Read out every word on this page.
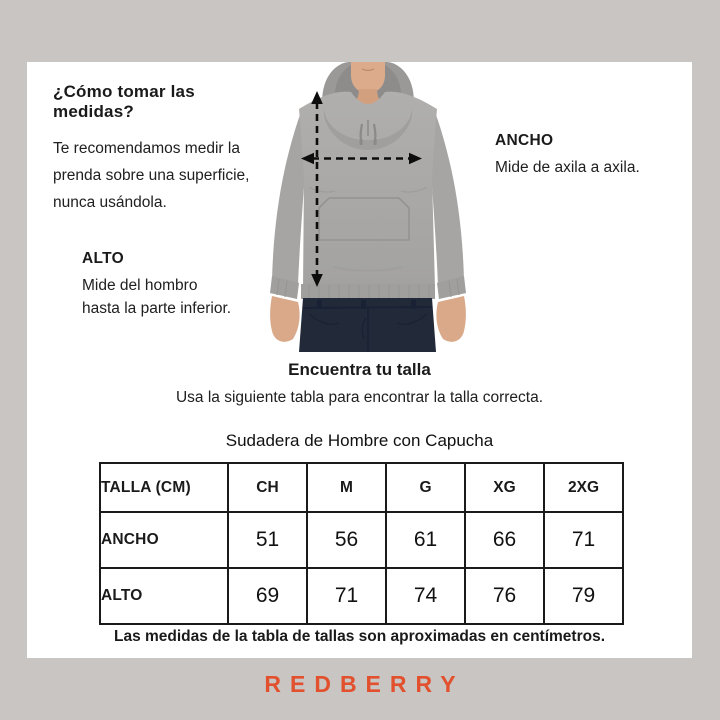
¿Cómo tomar las medidas?
Te recomendamos medir la
prenda sobre una superficie,
nunca usándola.
ANCHO
Mide de axila a axila.
ALTO
Mide del hombro
hasta la parte inferior.
Encuentra tu talla
Usa la siguiente tabla para encontrar la talla correcta.
Sudadera de Hombre con Capucha
TALLA (CM)	CH	M	G	XG	2XG
ANCHO	51	56	61	66	71
ALTO	69	71	74	76	79
Las medidas de la tabla de tallas son aproximadas en centímetros.
REDBERRY
